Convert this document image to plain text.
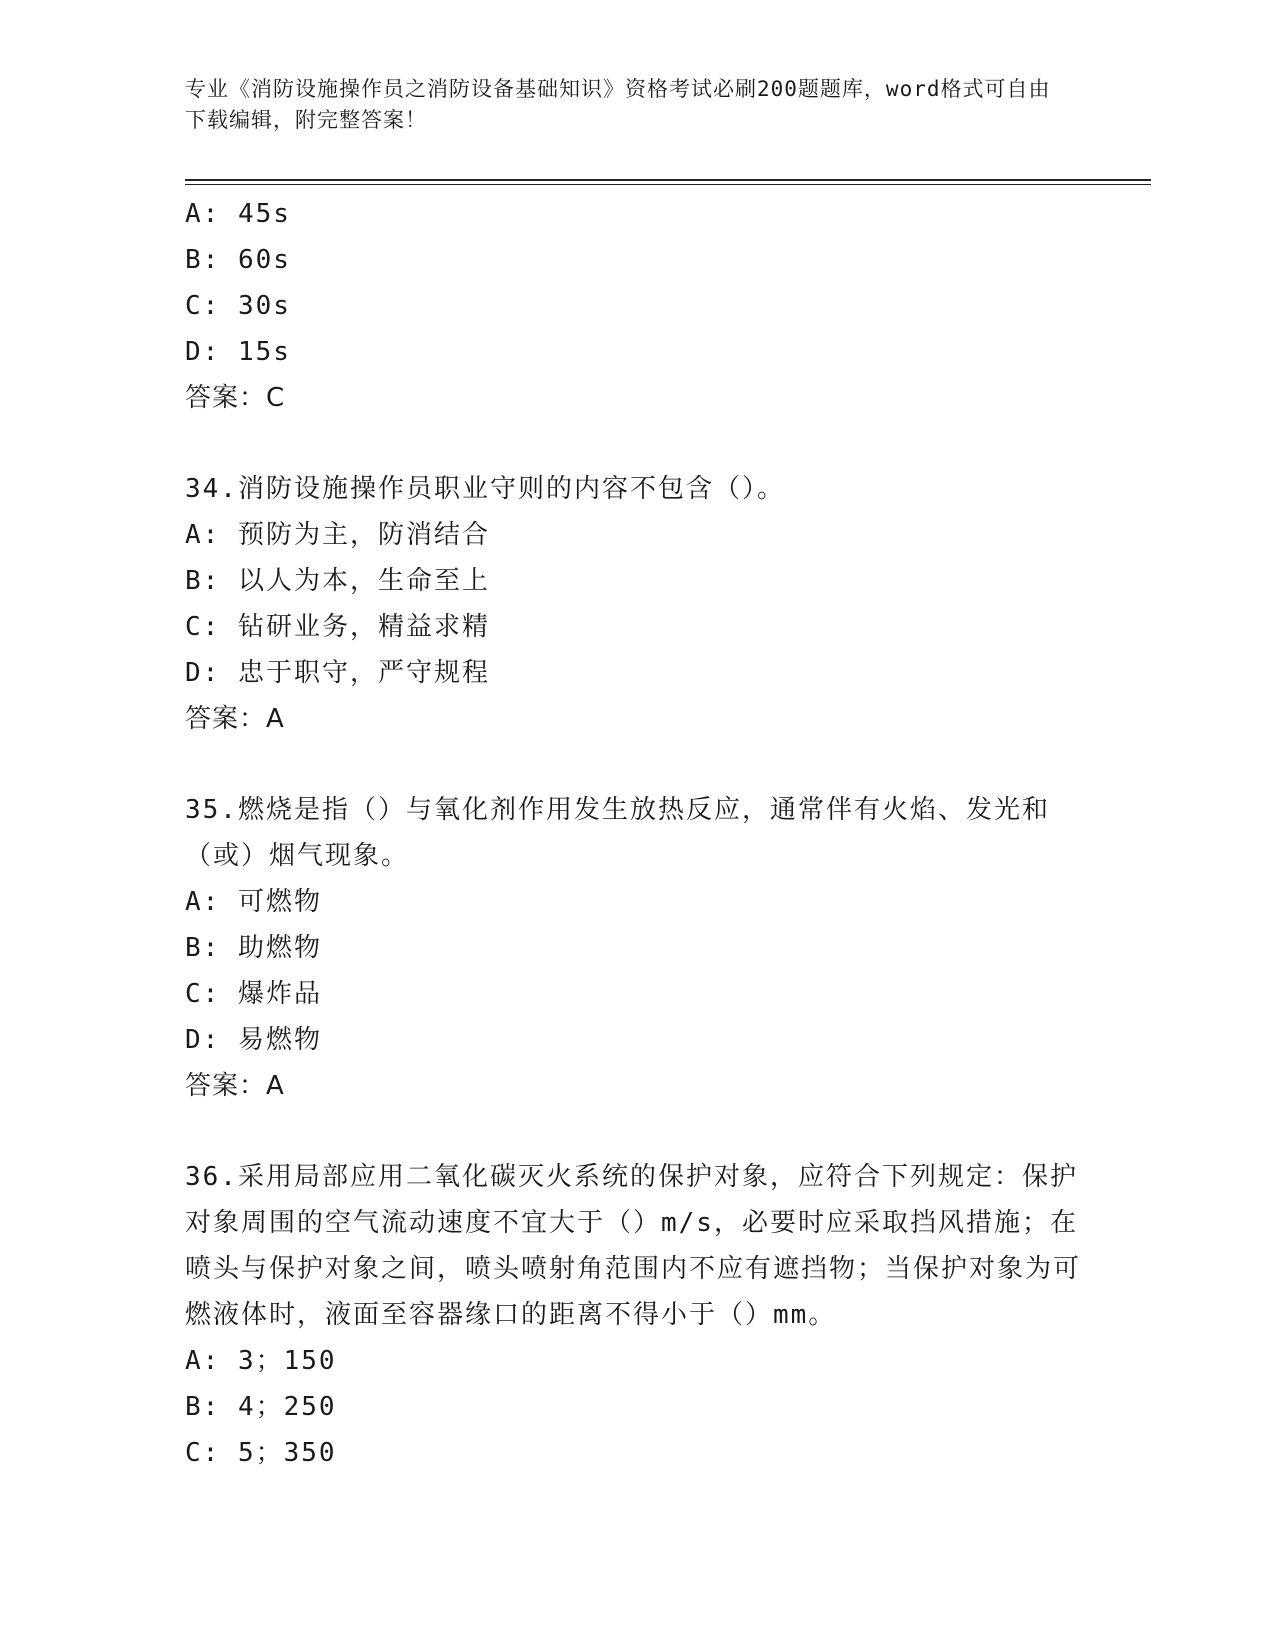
专业《消防设施操作员之消防设备基础知识》资格考试必刷200题题库，word格式可自由下载编辑，附完整答案！
A: 45s
B: 60s
C: 30s
D: 15s
答案：C
34.消防设施操作员职业守则的内容不包含（）。
A: 预防为主，防消结合
B: 以人为本，生命至上
C: 钻研业务，精益求精
D: 忠于职守，严守规程
答案：A
35.燃烧是指（）与氧化剂作用发生放热反应，通常伴有火焰、发光和（或）烟气现象。
A: 可燃物
B: 助燃物
C: 爆炸品
D: 易燃物
答案：A
36.采用局部应用二氧化碳灭火系统的保护对象，应符合下列规定：保护对象周围的空气流动速度不宜大于（）m/s，必要时应采取挡风措施；在喷头与保护对象之间，喷头喷射角范围内不应有遮挡物；当保护对象为可燃液体时，液面至容器缘口的距离不得小于（）mm。
A: 3；150
B: 4；250
C: 5；350
